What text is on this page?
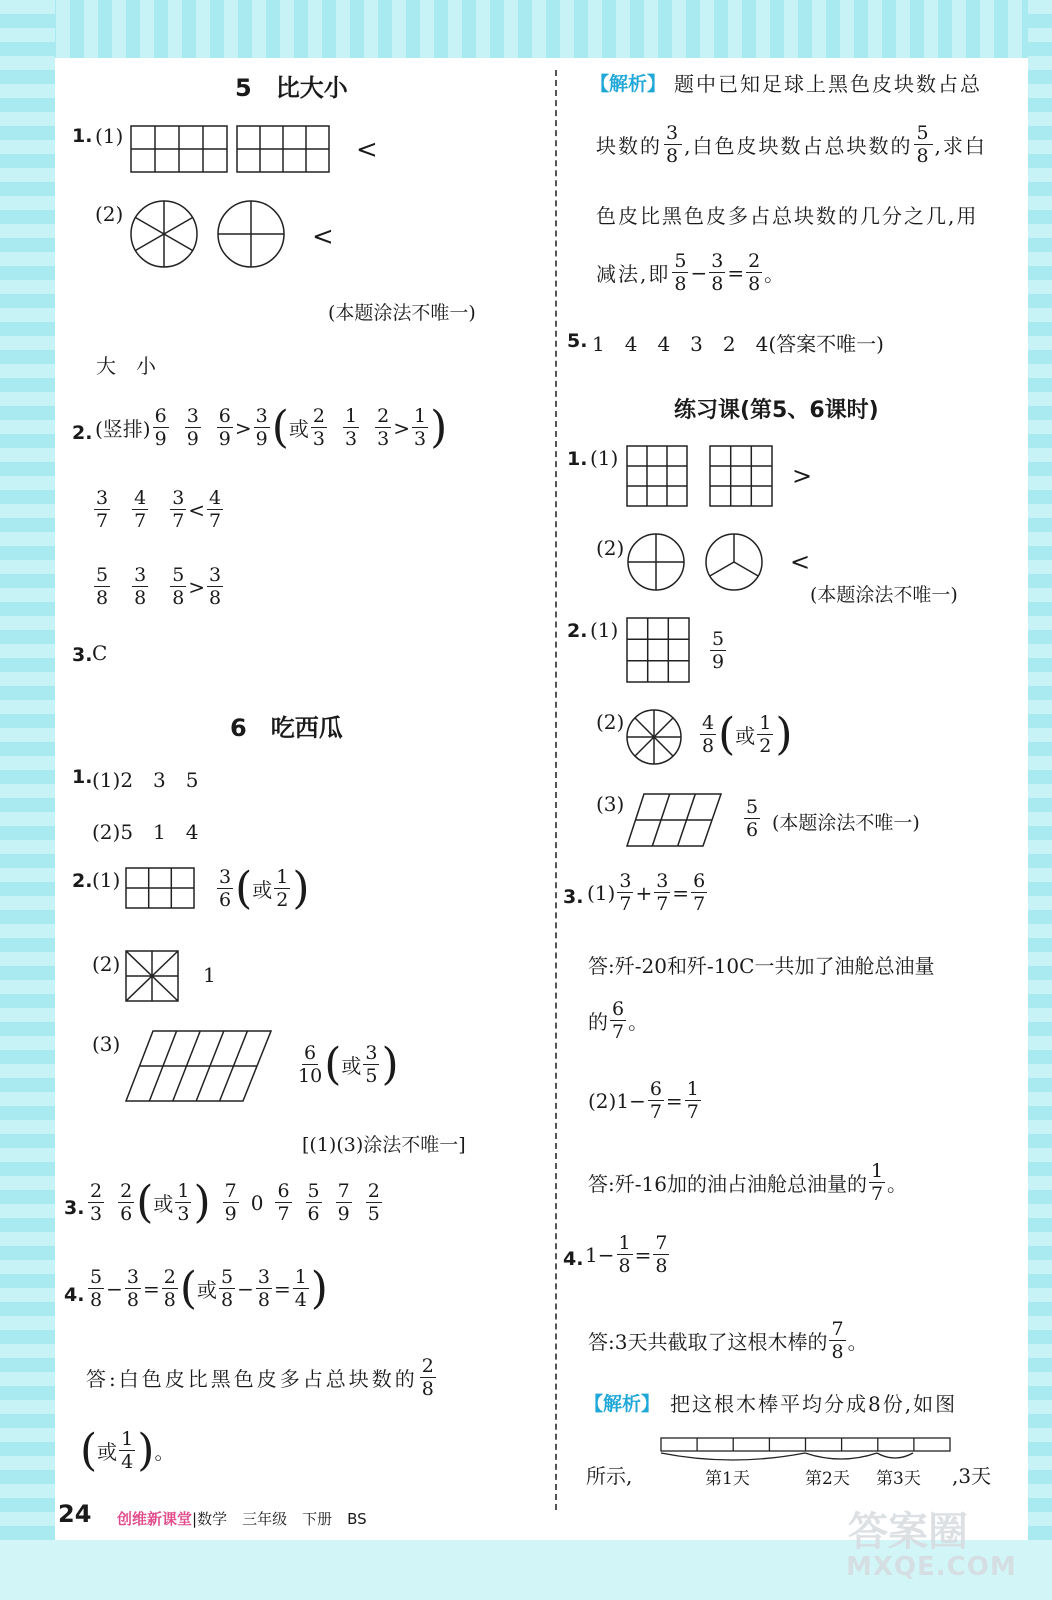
5　比大小
1. (1)	<
(2)
<
(本题涂法不唯一)
大　小
2. (竖排) $\frac{6}{9} \frac{3}{9} \frac{6}{9} > \frac{3}{9}$ ( 或 $\frac{2}{3} \frac{1}{3} \frac{2}{3} > \frac{1}{3}$ )
$\frac{3}{7} \frac{4}{7} \frac{3}{7} < \frac{4}{7}$
$\frac{5}{8} \frac{3}{8} \frac{5}{8} > \frac{3}{8}$
3. C
6　吃西瓜
1. (1)2　3　5
(2)5　1　4
2. (1)	$\frac{3}{6}$ ( 或 $\frac{1}{2}$ )
(2)	1
(3)	$\frac{6}{10}$ ( 或 $\frac{3}{5}$ )
[(1)(3)涂法不唯一]
3. $\frac{2}{3} \frac{2}{6}$ ( 或 $\frac{1}{3}$ ) $\frac{7}{9} 0 \frac{6}{7} \frac{5}{6} \frac{7}{9} \frac{2}{5}$
4. $\frac{5}{8} - \frac{3}{8} = \frac{2}{8}$ ( 或 $\frac{5}{8} - \frac{3}{8} = \frac{1}{4}$ )
答:白色皮比黑色皮多占总块数的 $\frac{2}{8}$
( 或 $\frac{1}{4}$ ) 。
【解析】 题中已知足球上黑色皮块数占总
块数的 $\frac{3}{8}$ ,白色皮块数占总块数的 $\frac{5}{8}$ ,求白
色皮比黑色皮多占总块数的几分之几,用
减法,即 $\frac{5}{8} - \frac{3}{8} = \frac{2}{8}$ 。
5. 1　4　4　3　2　4(答案不唯一)
练习课(第5、6课时)
1. (1)
>
(2)	<
(本题涂法不唯一)
2. (1)	$\frac{5}{9}$
(2)	$\frac{4}{8}$ ( 或 $\frac{1}{2}$ )
(3)	$\frac{5}{6}$ (本题涂法不唯一)
3. $(1) \frac{3}{7} + \frac{3}{7} = \frac{6}{7}$
答:歼-20和歼-10C一共加了油舱总油量
的 $\frac{6}{7}$ 。
$(2)1 - \frac{6}{7} = \frac{1}{7}$
答:歼-16加的油占油舱总油量的 $\frac{1}{7}$ 。
4. $1 - \frac{1}{8} = \frac{7}{8}$
答:3天共截取了这根木棒的 $\frac{7}{8}$ 。
【解析】 把这根木棒平均分成8份,如图
所示,	第1天	第2天 第3天 ,3天
答案圈
MXQE.COM
24 创维新课堂 |数学　三年级　下册　BS
